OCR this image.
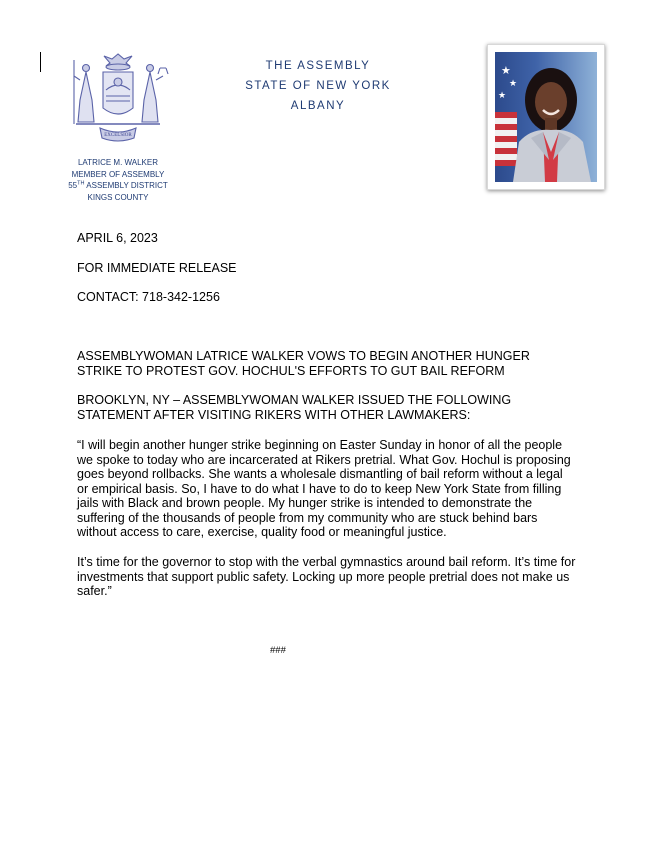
EXCELSIOR
THE ASSEMBLY
STATE OF NEW YORK
ALBANY
LATRICE M. WALKER
MEMBER OF ASSEMBLY
55TH ASSEMBLY DISTRICT
KINGS COUNTY
★
★
★
APRIL 6, 2023
FOR IMMEDIATE RELEASE
CONTACT: 718-342-1256

ASSEMBLYWOMAN LATRICE WALKER VOWS TO BEGIN ANOTHER HUNGER STRIKE TO PROTEST GOV. HOCHUL'S EFFORTS TO GUT BAIL REFORM

BROOKLYN, NY – ASSEMBLYWOMAN WALKER ISSUED THE FOLLOWING STATEMENT AFTER VISITING RIKERS WITH OTHER LAWMAKERS:

“I will begin another hunger strike beginning on Easter Sunday in honor of all the people we spoke to today who are incarcerated at Rikers pretrial. What Gov. Hochul is proposing goes beyond rollbacks. She wants a wholesale dismantling of bail reform without a legal or empirical basis. So, I have to do what I have to do to keep New York State from filling jails with Black and brown people. My hunger strike is intended to demonstrate the suffering of the thousands of people from my community who are stuck behind bars without access to care, exercise, quality food or meaningful justice.

It’s time for the governor to stop with the verbal gymnastics around bail reform. It’s time for investments that support public safety. Locking up more people pretrial does not make us safer.”

###
